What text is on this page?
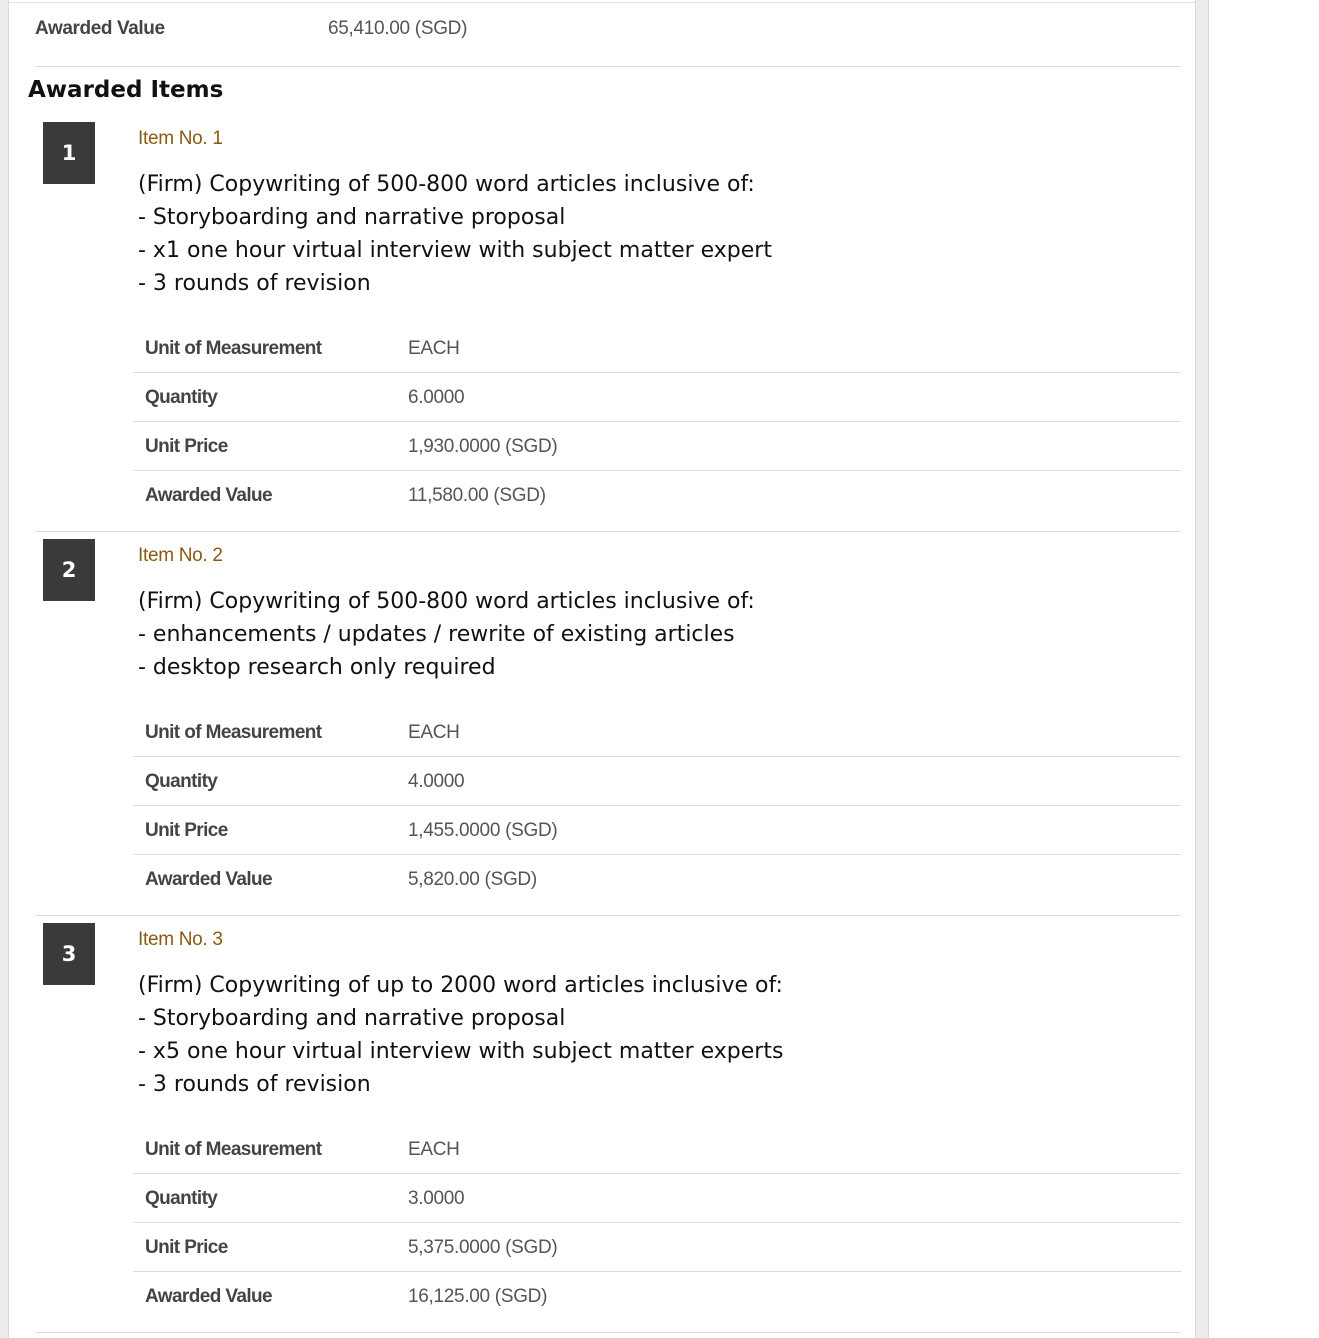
Awarded Value	65,410.00 (SGD)
Awarded Items
1
Item No. 1
(Firm) Copywriting of 500-800 word articles inclusive of:
- Storyboarding and narrative proposal
- x1 one hour virtual interview with subject matter expert
- 3 rounds of revision
Unit of Measurement	EACH
Quantity	6.0000
Unit Price	1,930.0000 (SGD)
Awarded Value	11,580.00 (SGD)
2
Item No. 2
(Firm) Copywriting of 500-800 word articles inclusive of:
- enhancements / updates / rewrite of existing articles
- desktop research only required
Unit of Measurement	EACH
Quantity	4.0000
Unit Price	1,455.0000 (SGD)
Awarded Value	5,820.00 (SGD)
3
Item No. 3
(Firm) Copywriting of up to 2000 word articles inclusive of:
- Storyboarding and narrative proposal
- x5 one hour virtual interview with subject matter experts
- 3 rounds of revision
Unit of Measurement	EACH
Quantity	3.0000
Unit Price	5,375.0000 (SGD)
Awarded Value	16,125.00 (SGD)
